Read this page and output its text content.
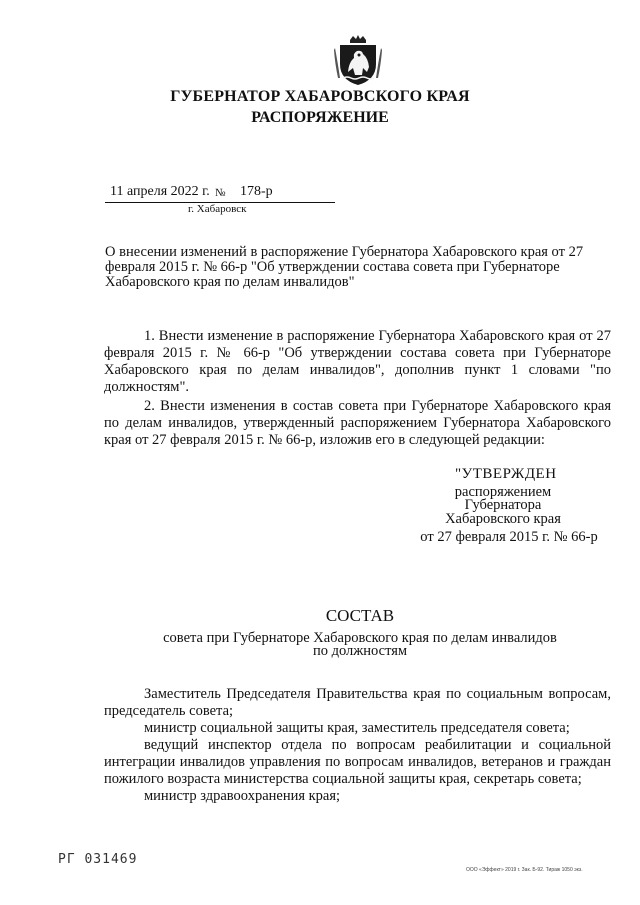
ГУБЕРНАТОР ХАБАРОВСКОГО КРАЯ
РАСПОРЯЖЕНИЕ
11 апреля 2022 г. № 178-р
г. Хабаровск
О внесении изменений в распоряжение Губернатора Хабаровского края от 27 февраля 2015 г. № 66-р "Об утверждении состава совета при Губернаторе Хабаровского края по делам инвалидов"
1. Внести изменение в распоряжение Губернатора Хабаровского края от 27 февраля 2015 г. № 66-р "Об утверждении состава совета при Губернаторе Хабаровского края по делам инвалидов", дополнив пункт 1 словами "по должностям".
2. Внести изменения в состав совета при Губернаторе Хабаровского края по делам инвалидов, утвержденный распоряжением Губернатора Хабаровского края от 27 февраля 2015 г. № 66-р, изложив его в следующей редакции:
"УТВЕРЖДЕН
распоряжением
Губернатора
Хабаровского края
от 27 февраля 2015 г. № 66-р
СОСТАВ
совета при Губернаторе Хабаровского края по делам инвалидов
по должностям

Заместитель Председателя Правительства края по социальным вопросам, председатель совета;

министр социальной защиты края, заместитель председателя совета;

ведущий инспектор отдела по вопросам реабилитации и социальной интеграции инвалидов управления по вопросам инвалидов, ветеранов и граждан пожилого возраста министерства социальной защиты края, секретарь совета;

министр здравоохранения края;

РГ 031469
ООО «Эффект» 2019 г. Зак. Б-92. Тираж 1050 экз.
